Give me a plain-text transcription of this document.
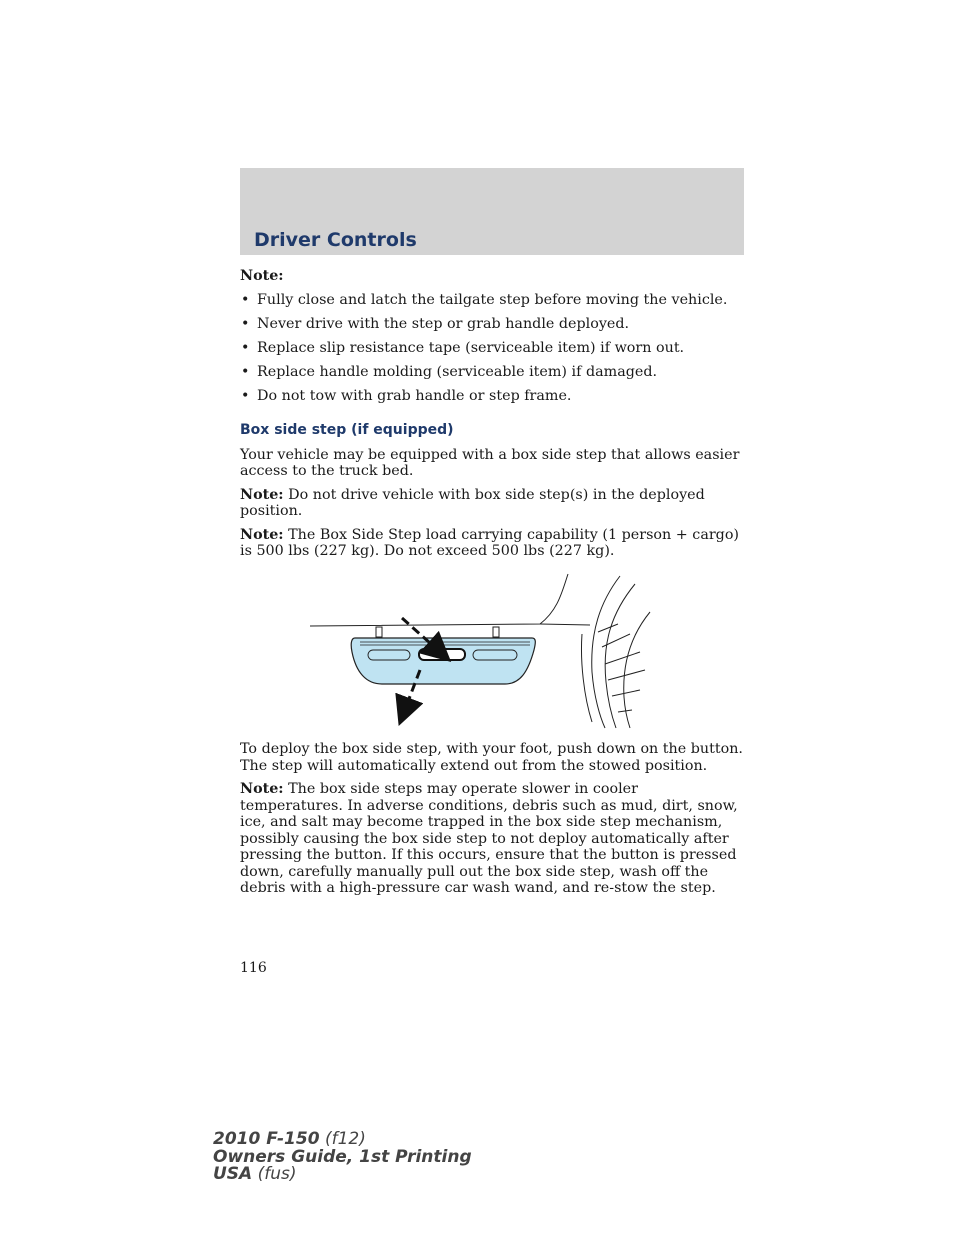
Driver Controls
Note:
• Fully close and latch the tailgate step before moving the vehicle.
• Never drive with the step or grab handle deployed.
• Replace slip resistance tape (serviceable item) if worn out.
• Replace handle molding (serviceable item) if damaged.
• Do not tow with grab handle or step frame.
Box side step (if equipped)

Your vehicle may be equipped with a box side step that allows easier access to the truck bed.

Note: Do not drive vehicle with box side step(s) in the deployed position.

Note: The Box Side Step load carrying capability (1 person + cargo) is 500 lbs (227 kg). Do not exceed 500 lbs (227 kg).

To deploy the box side step, with your foot, push down on the button. The step will automatically extend out from the stowed position.

Note: The box side steps may operate slower in cooler temperatures. In adverse conditions, debris such as mud, dirt, snow, ice, and salt may become trapped in the box side step mechanism, possibly causing the box side step to not deploy automatically after pressing the button. If this occurs, ensure that the button is pressed down, carefully manually pull out the box side step, wash off the debris with a high-pressure car wash wand, and re-stow the step.

116
2010 F-150 (f12)
Owners Guide, 1st Printing
USA (fus)
